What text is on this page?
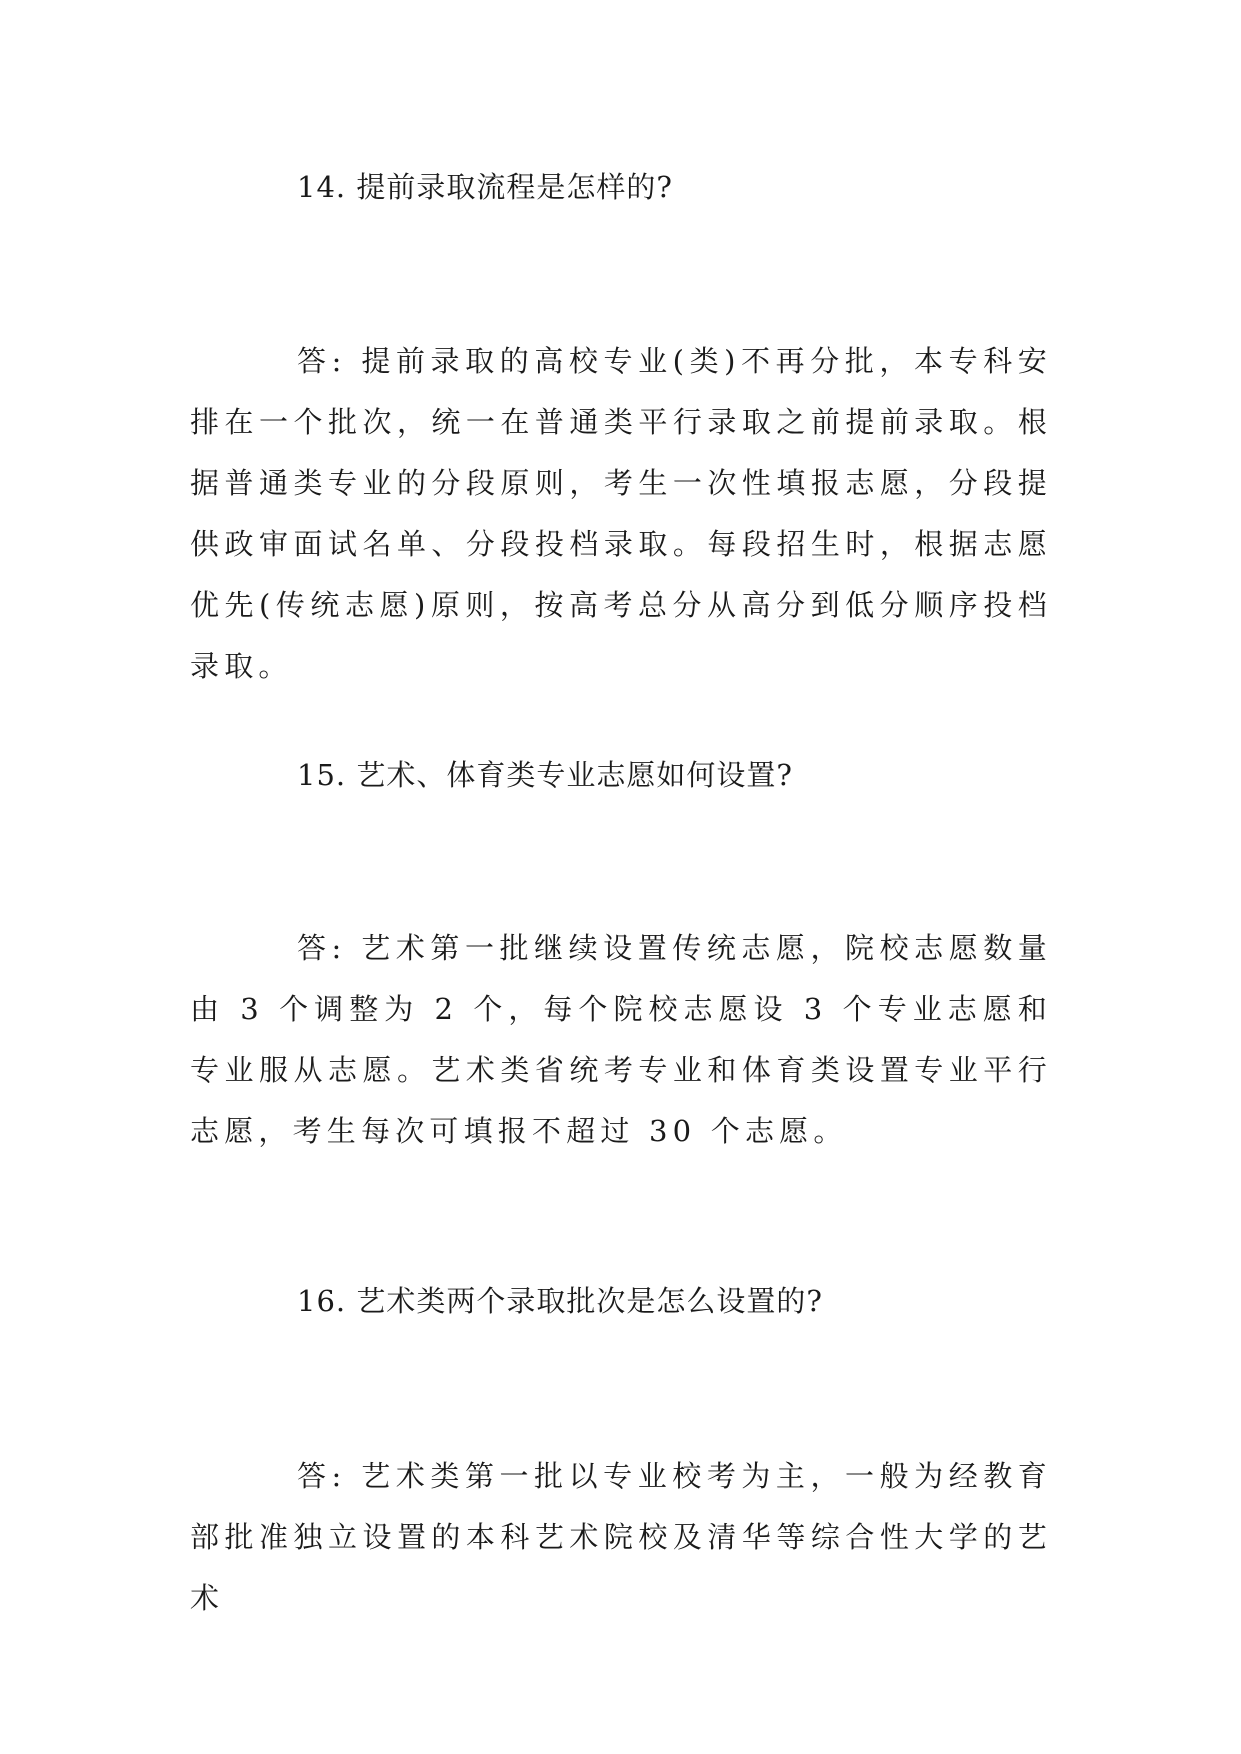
14. 提前录取流程是怎样的?

答: 提前录取的高校专业(类)不再分批，本专科安排在一个批次，统一在普通类平行录取之前提前录取。根据普通类专业的分段原则，考生一次性填报志愿，分段提供政审面试名单、分段投档录取。每段招生时，根据志愿优先(传统志愿)原则，按高考总分从高分到低分顺序投档录取。

15. 艺术、体育类专业志愿如何设置?

答: 艺术第一批继续设置传统志愿，院校志愿数量由 3 个调整为 2 个，每个院校志愿设 3 个专业志愿和专业服从志愿。艺术类省统考专业和体育类设置专业平行志愿，考生每次可填报不超过 30 个志愿。

16. 艺术类两个录取批次是怎么设置的?

答: 艺术类第一批以专业校考为主，一般为经教育部批准独立设置的本科艺术院校及清华等综合性大学的艺术
